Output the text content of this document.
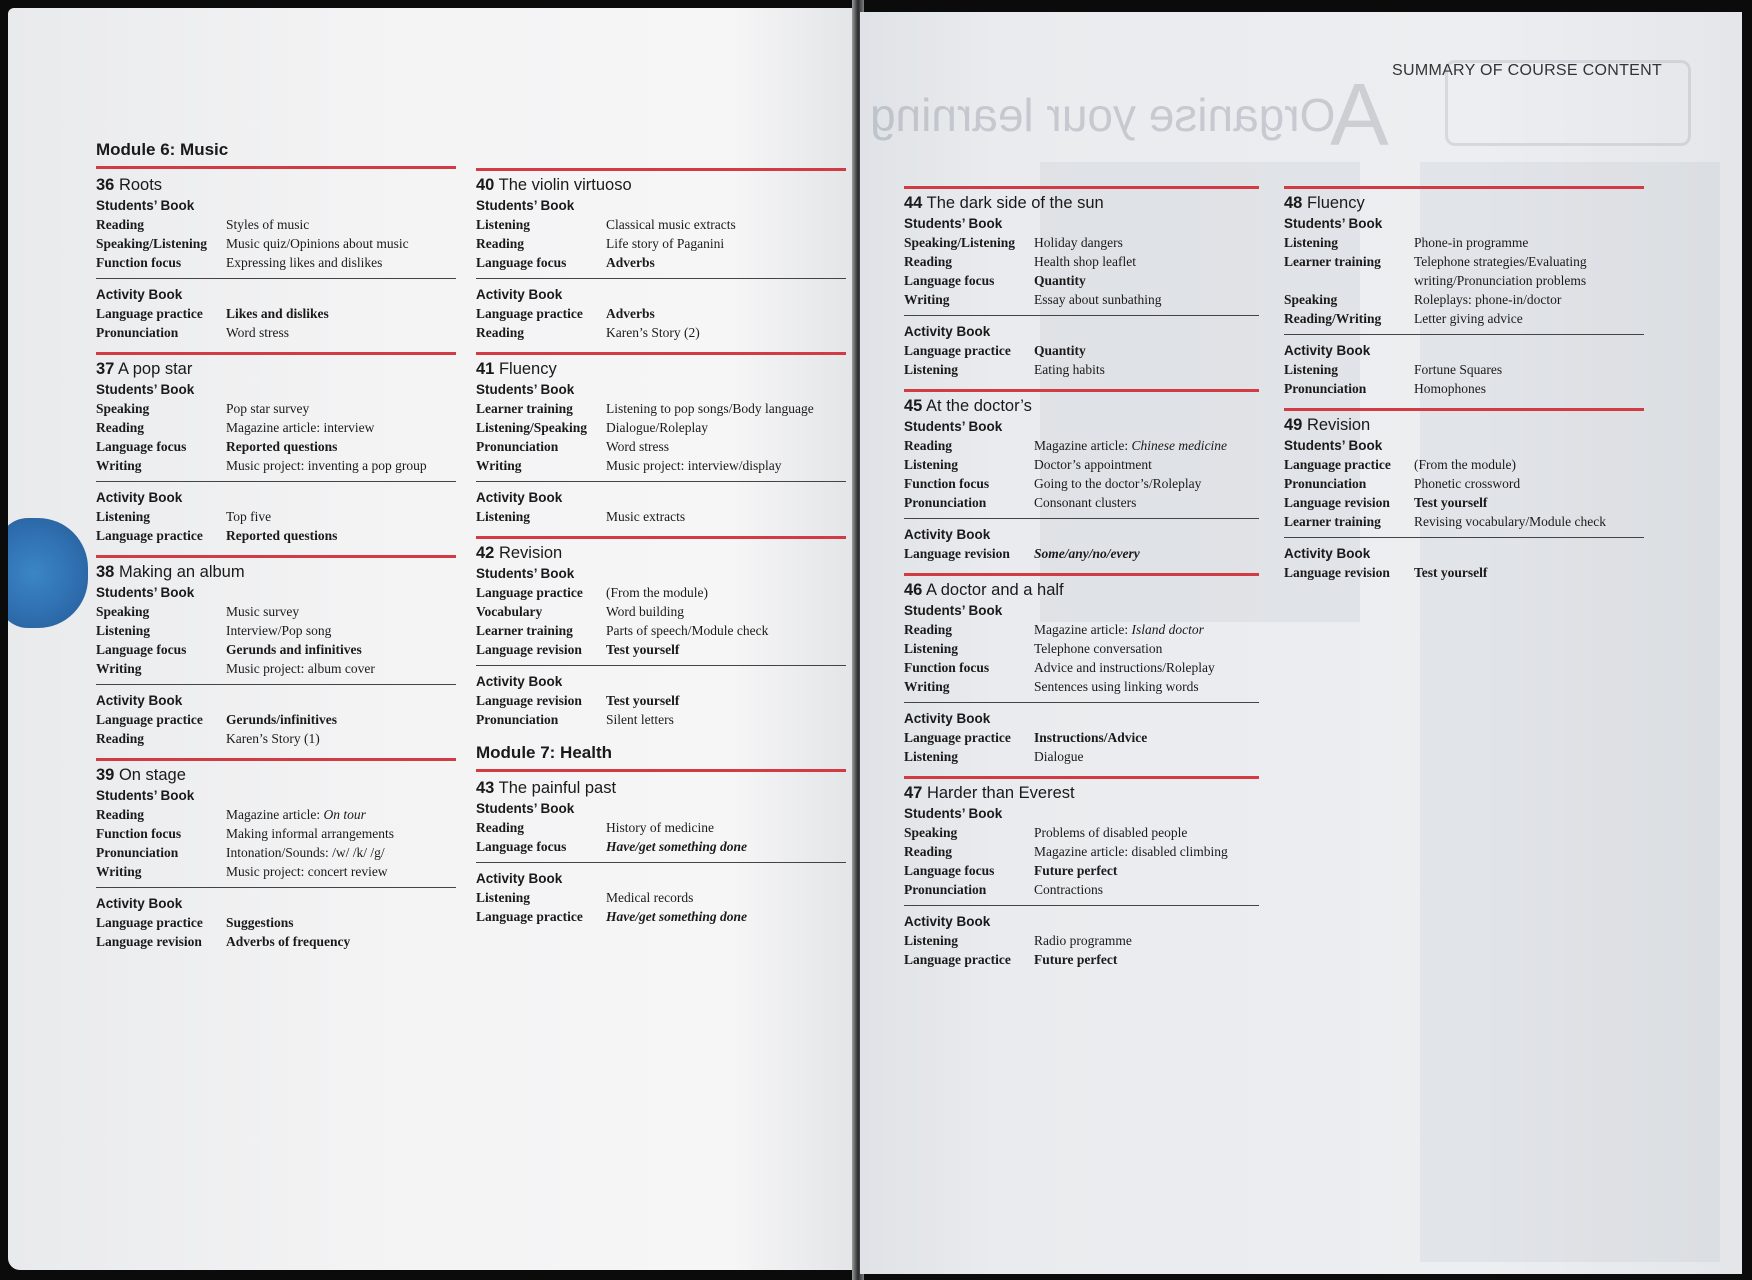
Module 6: Music
36 Roots
Students’ Book
Reading	Styles of music
Speaking/Listening	Music quiz/Opinions about music
Function focus	Expressing likes and dislikes
Activity Book
Language practice	Likes and dislikes
Pronunciation	Word stress
37 A pop star
Students’ Book
Speaking	Pop star survey
Reading	Magazine article: interview
Language focus	Reported questions
Writing	Music project: inventing a pop group
Activity Book
Listening	Top five
Language practice	Reported questions
38 Making an album
Students’ Book
Speaking	Music survey
Listening	Interview/Pop song
Language focus	Gerunds and infinitives
Writing	Music project: album cover
Activity Book
Language practice	Gerunds/infinitives
Reading	Karen’s Story (1)
39 On stage
Students’ Book
Reading	Magazine article: On tour
Function focus	Making informal arrangements
Pronunciation	Intonation/Sounds: /w/ /k/ /g/
Writing	Music project: concert review
Activity Book
Language practice	Suggestions
Language revision	Adverbs of frequency
40 The violin virtuoso
Students’ Book
Listening	Classical music extracts
Reading	Life story of Paganini
Language focus	Adverbs
Activity Book
Language practice	Adverbs
Reading	Karen’s Story (2)
41 Fluency
Students’ Book
Learner training	Listening to pop songs/Body language
Listening/Speaking	Dialogue/Roleplay
Pronunciation	Word stress
Writing	Music project: interview/display
Activity Book
Listening	Music extracts
42 Revision
Students’ Book
Language practice	(From the module)
Vocabulary	Word building
Learner training	Parts of speech/Module check
Language revision	Test yourself
Activity Book
Language revision	Test yourself
Pronunciation	Silent letters
Module 7: Health
43 The painful past
Students’ Book
Reading	History of medicine
Language focus	Have/get something done
Activity Book
Listening	Medical records
Language practice	Have/get something done
A
Organise your learning
SUMMARY OF COURSE CONTENT
44 The dark side of the sun
Students’ Book
Speaking/Listening	Holiday dangers
Reading	Health shop leaflet
Language focus	Quantity
Writing	Essay about sunbathing
Activity Book
Language practice	Quantity
Listening	Eating habits
45 At the doctor’s
Students’ Book
Reading	Magazine article: Chinese medicine
Listening	Doctor’s appointment
Function focus	Going to the doctor’s/Roleplay
Pronunciation	Consonant clusters
Activity Book
Language revision	Some/any/no/every
46 A doctor and a half
Students’ Book
Reading	Magazine article: Island doctor
Listening	Telephone conversation
Function focus	Advice and instructions/Roleplay
Writing	Sentences using linking words
Activity Book
Language practice	Instructions/Advice
Listening	Dialogue
47 Harder than Everest
Students’ Book
Speaking	Problems of disabled people
Reading	Magazine article: disabled climbing
Language focus	Future perfect
Pronunciation	Contractions
Activity Book
Listening	Radio programme
Language practice	Future perfect
48 Fluency
Students’ Book
Listening	Phone-in programme
Learner training	Telephone strategies/Evaluating writing/Pronunciation problems
Speaking	Roleplays: phone-in/doctor
Reading/Writing	Letter giving advice
Activity Book
Listening	Fortune Squares
Pronunciation	Homophones
49 Revision
Students’ Book
Language practice	(From the module)
Pronunciation	Phonetic crossword
Language revision	Test yourself
Learner training	Revising vocabulary/Module check
Activity Book
Language revision	Test yourself
